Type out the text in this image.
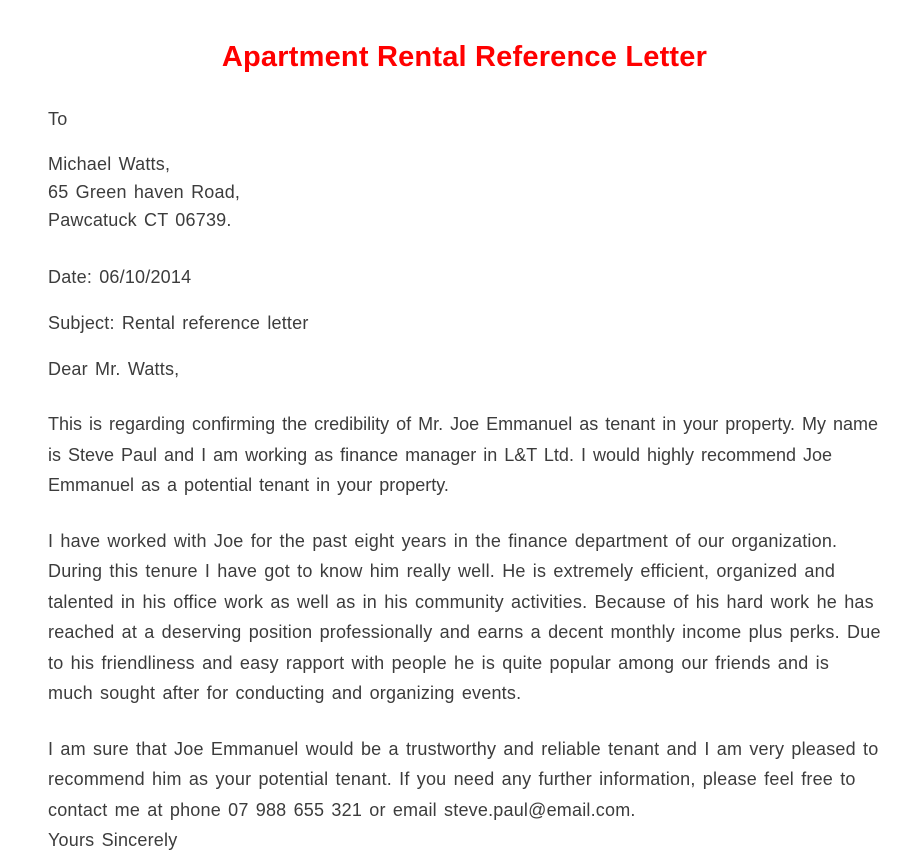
Apartment Rental Reference Letter

To

Michael Watts,

65 Green haven Road,

Pawcatuck CT 06739.

Date: 06/10/2014

Subject: Rental reference letter

Dear Mr. Watts,

This is regarding confirming the credibility of Mr. Joe Emmanuel as tenant in your property. My name is Steve Paul and I am working as finance manager in L&T Ltd. I would highly recommend Joe Emmanuel as a potential tenant in your property.

I have worked with Joe for the past eight years in the finance department of our organization. During this tenure I have got to know him really well. He is extremely efficient, organized and talented in his office work as well as in his community activities. Because of his hard work he has reached at a deserving position professionally and earns a decent monthly income plus perks. Due to his friendliness and easy rapport with people he is quite popular among our friends and is much sought after for conducting and organizing events.

I am sure that Joe Emmanuel would be a trustworthy and reliable tenant and I am very pleased to recommend him as your potential tenant. If you need any further information, please feel free to contact me at phone 07 988 655 321 or email steve.paul@email.com.

Yours Sincerely
